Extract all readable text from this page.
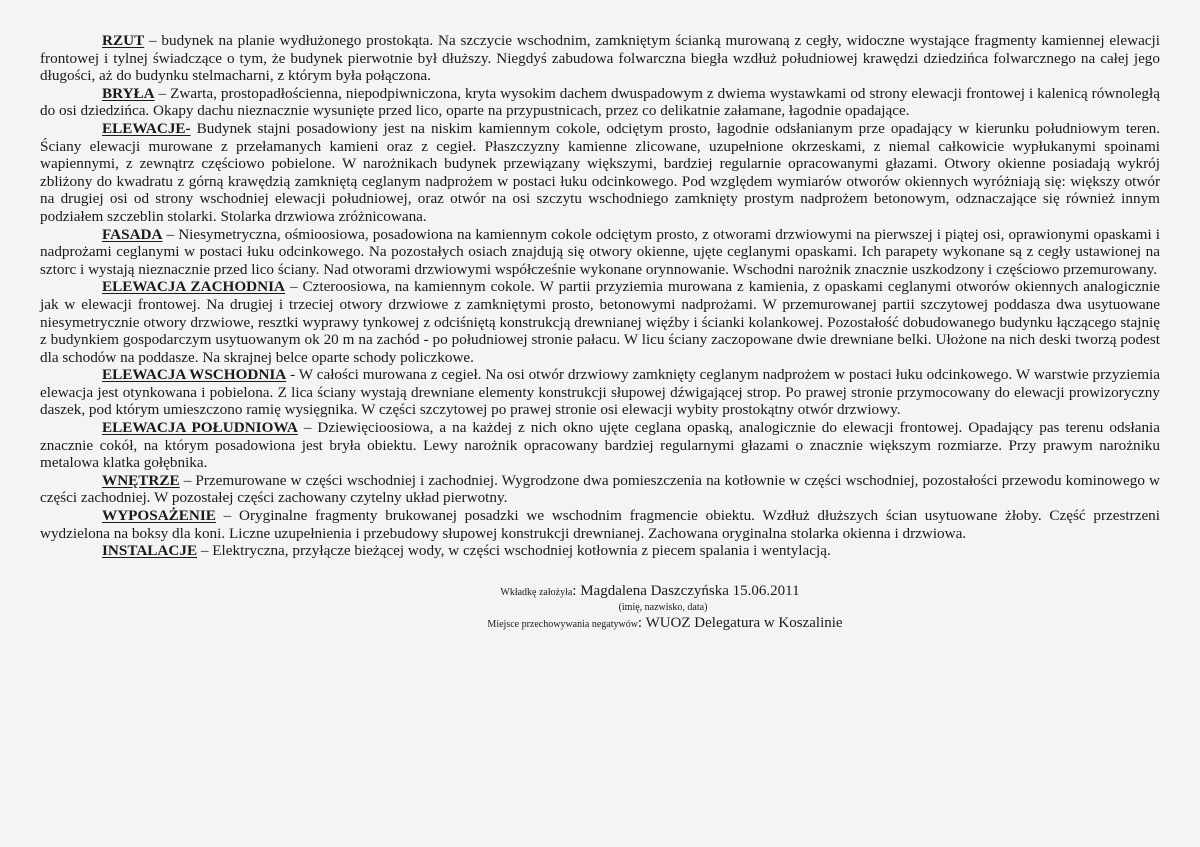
RZUT – budynek na planie wydłużonego prostokąta. Na szczycie wschodnim, zamkniętym ścianką murowaną z cegły, widoczne wystające fragmenty kamiennej elewacji frontowej i tylnej świadczące o tym, że budynek pierwotnie był dłuższy. Niegdyś zabudowa folwarczna biegła wzdłuż południowej krawędzi dziedzińca folwarcznego na całej jego długości, aż do budynku stelmacharni, z którym była połączona.

BRYŁA – Zwarta, prostopadłościenna, niepodpiwniczona, kryta wysokim dachem dwuspadowym z dwiema wystawkami od strony elewacji frontowej i kalenicą równoległą do osi dziedzińca. Okapy dachu nieznacznie wysunięte przed lico, oparte na przypustnicach, przez co delikatnie załamane, łagodnie opadające.

ELEWACJE- Budynek stajni posadowiony jest na niskim kamiennym cokole, odciętym prosto, łagodnie odsłanianym prze opadający w kierunku południowym teren. Ściany elewacji murowane z przełamanych kamieni oraz z cegieł. Płaszczyzny kamienne zlicowane, uzupełnione okrzeskami, z niemal całkowicie wypłukanymi spoinami wapiennymi, z zewnątrz częściowo pobielone. W narożnikach budynek przewiązany większymi, bardziej regularnie opracowanymi głazami. Otwory okienne posiadają wykrój zbliżony do kwadratu z górną krawędzią zamkniętą ceglanym nadprożem w postaci łuku odcinkowego. Pod względem wymiarów otworów okiennych wyróżniają się: większy otwór na drugiej osi od strony wschodniej elewacji południowej, oraz otwór na osi szczytu wschodniego zamknięty prostym nadprożem betonowym, odznaczające się również innym podziałem szczeblin stolarki. Stolarka drzwiowa zróżnicowana.

FASADA – Niesymetryczna, ośmioosiowa, posadowiona na kamiennym cokole odciętym prosto, z otworami drzwiowymi na pierwszej i piątej osi, oprawionymi opaskami i nadprożami ceglanymi w postaci łuku odcinkowego. Na pozostałych osiach znajdują się otwory okienne, ujęte ceglanymi opaskami. Ich parapety wykonane są z cegły ustawionej na sztorc i wystają nieznacznie przed lico ściany. Nad otworami drzwiowymi współcześnie wykonane orynnowanie. Wschodni narożnik znacznie uszkodzony i częściowo przemurowany.

ELEWACJA ZACHODNIA – Czteroosiowa, na kamiennym cokole. W partii przyziemia murowana z kamienia, z opaskami ceglanymi otworów okiennych analogicznie jak w elewacji frontowej. Na drugiej i trzeciej otwory drzwiowe z zamkniętymi prosto, betonowymi nadprożami. W przemurowanej partii szczytowej poddasza dwa usytuowane niesymetrycznie otwory drzwiowe, resztki wyprawy tynkowej z odciśniętą konstrukcją drewnianej więźby i ścianki kolankowej. Pozostałość dobudowanego budynku łączącego stajnię z budynkiem gospodarczym usytuowanym ok 20 m na zachód - po południowej stronie pałacu. W licu ściany zaczopowane dwie drewniane belki. Ułożone na nich deski tworzą podest dla schodów na poddasze. Na skrajnej belce oparte schody policzkowe.

ELEWACJA WSCHODNIA - W całości murowana z cegieł. Na osi otwór drzwiowy zamknięty ceglanym nadprożem w postaci łuku odcinkowego. W warstwie przyziemia elewacja jest otynkowana i pobielona. Z lica ściany wystają drewniane elementy konstrukcji słupowej dźwigającej strop. Po prawej stronie przymocowany do elewacji prowizoryczny daszek, pod którym umieszczono ramię wysięgnika. W części szczytowej po prawej stronie osi elewacji wybity prostokątny otwór drzwiowy.

ELEWACJA POŁUDNIOWA – Dziewięcioosiowa, a na każdej z nich okno ujęte ceglana opaską, analogicznie do elewacji frontowej. Opadający pas terenu odsłania znacznie cokół, na którym posadowiona jest bryła obiektu. Lewy narożnik opracowany bardziej regularnymi głazami o znacznie większym rozmiarze. Przy prawym narożniku metalowa klatka gołębnika.

WNĘTRZE – Przemurowane w części wschodniej i zachodniej. Wygrodzone dwa pomieszczenia na kotłownie w części wschodniej, pozostałości przewodu kominowego w części zachodniej. W pozostałej części zachowany czytelny układ pierwotny.

WYPOSAŻENIE – Oryginalne fragmenty brukowanej posadzki we wschodnim fragmencie obiektu. Wzdłuż dłuższych ścian usytuowane żłoby. Część przestrzeni wydzielona na boksy dla koni. Liczne uzupełnienia i przebudowy słupowej konstrukcji drewnianej. Zachowana oryginalna stolarka okienna i drzwiowa.

INSTALACJE – Elektryczna, przyłącze bieżącej wody, w części wschodniej kotłownia z piecem spalania i wentylacją.

Wkładkę założyła: Magdalena Daszczyńska 15.06.2011
(imię, nazwisko, data)
Miejsce przechowywania negatywów: WUOZ Delegatura w Koszalinie
